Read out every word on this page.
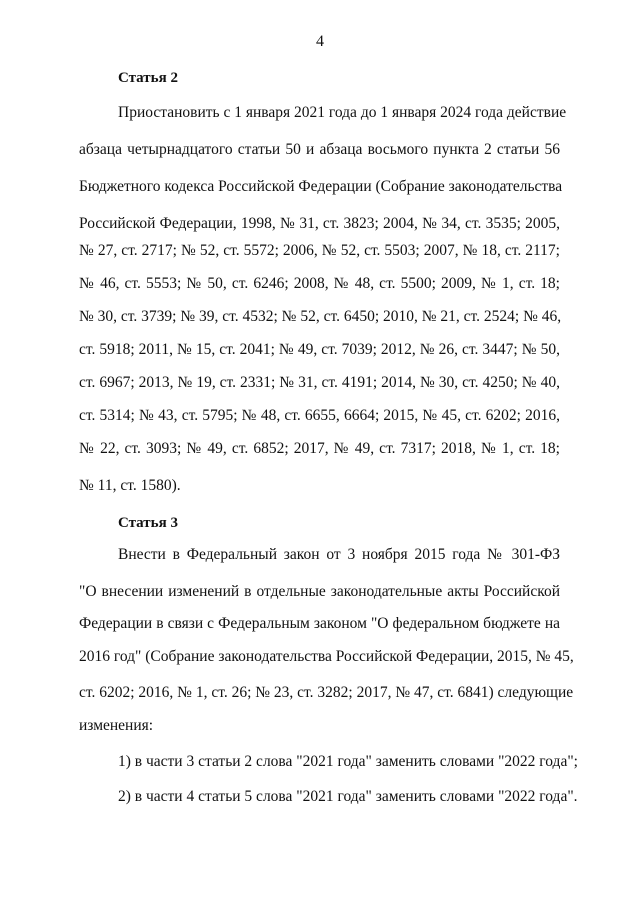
4
Статья 2
Приостановить с 1 января 2021 года до 1 января 2024 года действие
абзаца четырнадцатого статьи 50 и абзаца восьмого пункта 2 статьи 56
Бюджетного кодекса Российской Федерации (Собрание законодательства
Российской Федерации, 1998, № 31, ст. 3823; 2004, № 34, ст. 3535; 2005,
№ 27, ст. 2717; № 52, ст. 5572; 2006, № 52, ст. 5503; 2007, № 18, ст. 2117;
№ 46, ст. 5553; № 50, ст. 6246; 2008, № 48, ст. 5500; 2009, № 1, ст. 18;
№ 30, ст. 3739; № 39, ст. 4532; № 52, ст. 6450; 2010, № 21, ст. 2524; № 46,
ст. 5918; 2011, № 15, ст. 2041; № 49, ст. 7039; 2012, № 26, ст. 3447; № 50,
ст. 6967; 2013, № 19, ст. 2331; № 31, ст. 4191; 2014, № 30, ст. 4250; № 40,
ст. 5314; № 43, ст. 5795; № 48, ст. 6655, 6664; 2015, № 45, ст. 6202; 2016,
№ 22, ст. 3093; № 49, ст. 6852; 2017, № 49, ст. 7317; 2018, № 1, ст. 18;
№ 11, ст. 1580).
Статья 3
Внести в Федеральный закон от 3 ноября 2015 года № 301-ФЗ
"О внесении изменений в отдельные законодательные акты Российской
Федерации в связи с Федеральным законом "О федеральном бюджете на
2016 год" (Собрание законодательства Российской Федерации, 2015, № 45,
ст. 6202; 2016, № 1, ст. 26; № 23, ст. 3282; 2017, № 47, ст. 6841) следующие
изменения:
1) в части 3 статьи 2 слова "2021 года" заменить словами "2022 года";
2) в части 4 статьи 5 слова "2021 года" заменить словами "2022 года".
